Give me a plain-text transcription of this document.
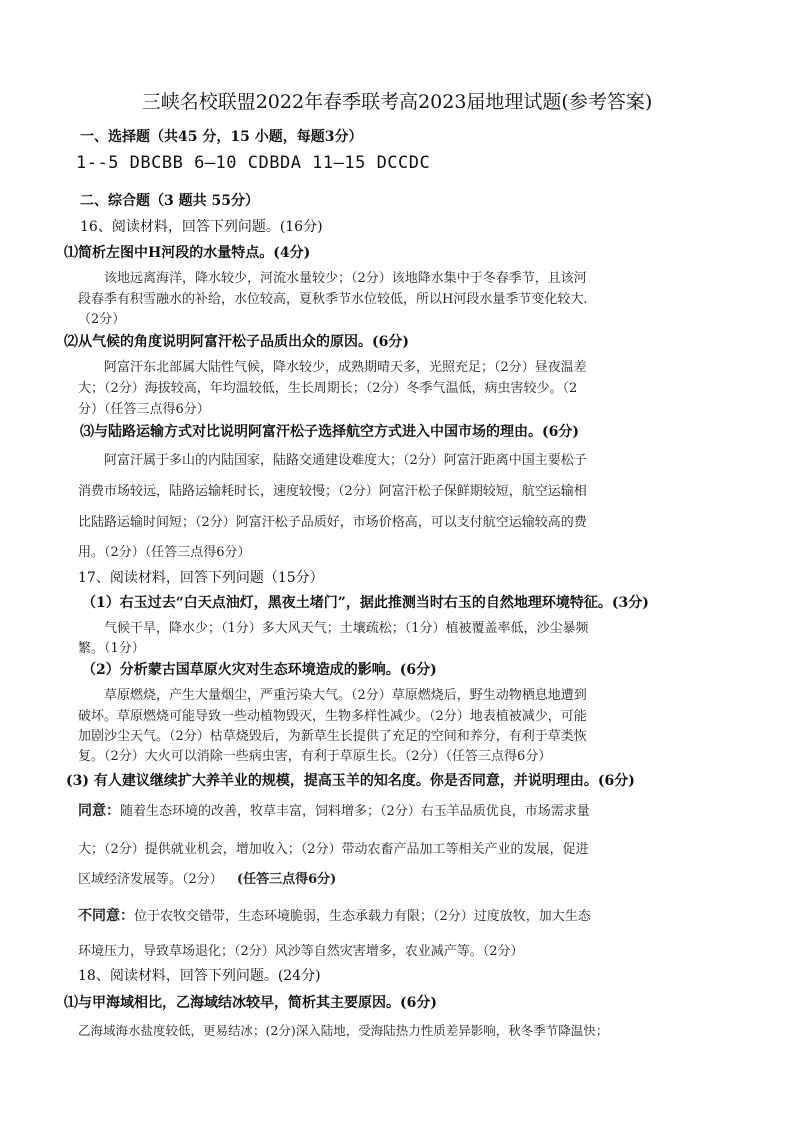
三峡名校联盟2022年春季联考高2023届地理试题(参考答案)
一、选择题（共45 分，15 小题，每题3分）
1--5 DBCBB 6—10 CDBDA 11—15 DCCDC
二、综合题（3 题共 55分）
16、阅读材料，回答下列问题。(16分)
⑴简析左图中H河段的水量特点。(4分)
该地远离海洋，降水较少，河流水量较少；（2分）该地降水集中于冬春季节，且该河
段春季有积雪融水的补给，水位较高，夏秋季节水位较低，所以H河段水量季节变化较大.
（2分）
⑵从气候的角度说明阿富汗松子品质出众的原因。(6分)
阿富汗东北部属大陆性气候，降水较少，成熟期晴天多，光照充足；（2分）昼夜温差
大；（2分）海拔较高，年均温较低，生长周期长；（2分）冬季气温低，病虫害较少。（2
分）（任答三点得6分）
⑶与陆路运输方式对比说明阿富汗松子选择航空方式进入中国市场的理由。(6分)
阿富汗属于多山的内陆国家，陆路交通建设难度大；（2分）阿富汗距离中国主要松子
消费市场较远，陆路运输耗时长，速度较慢；（2分）阿富汗松子保鲜期较短，航空运输相
比陆路运输时间短；（2分）阿富汗松子品质好，市场价格高，可以支付航空运输较高的费
用。（2分）（任答三点得6分）
17、阅读材料，回答下列问题（15分）
（1）右玉过去“白天点油灯，黑夜土堵门”，据此推测当时右玉的自然地理环境特征。(3分)
气候干旱，降水少；（1分）多大风天气；土壤疏松；（1分）植被覆盖率低，沙尘暴频
繁。（1分）
（2）分析蒙古国草原火灾对生态环境造成的影响。(6分)
草原燃烧，产生大量烟尘，严重污染大气。（2分）草原燃烧后，野生动物栖息地遭到
破坏。草原燃烧可能导致一些动植物毁灭，生物多样性减少。（2分）地表植被减少，可能
加剧沙尘天气。（2分）枯草烧毁后，为新草生长提供了充足的空间和养分，有利于草类恢
复。（2分）大火可以消除一些病虫害，有利于草原生长。（2分）（任答三点得6分）
(3) 有人建议继续扩大养羊业的规模，提高玉羊的知名度。你是否同意，并说明理由。(6分)
同意：随着生态环境的改善，牧草丰富，饲料增多；（2分）右玉羊品质优良，市场需求量
大；（2分）提供就业机会，增加收入；（2分）带动农畜产品加工等相关产业的发展，促进
区域经济发展等。（2分） (任答三点得6分)
不同意：位于农牧交错带，生态环境脆弱，生态承载力有限；（2分）过度放牧，加大生态
环境压力，导致草场退化；（2分）风沙等自然灾害增多，农业减产等。（2分）
18、阅读材料，回答下列问题。(24分)
⑴与甲海域相比，乙海域结冰较早，简析其主要原因。(6分)
乙海域海水盐度较低，更易结冰；(2分)深入陆地，受海陆热力性质差异影响，秋冬季节降温快；
